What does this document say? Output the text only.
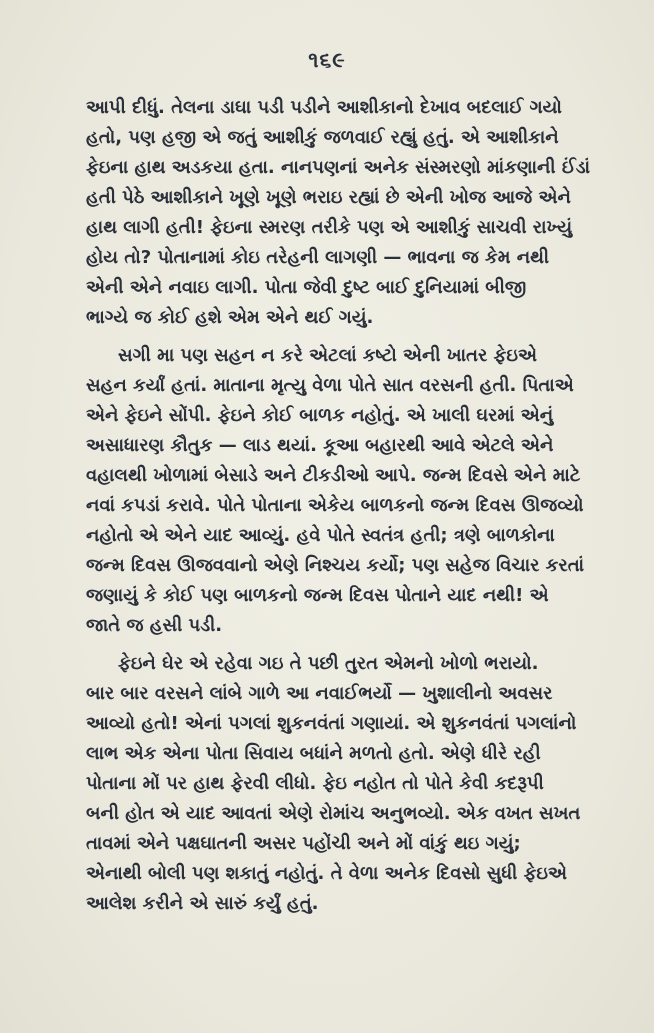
૧૬૯
આપી દીધું. તેલના ડાઘા પડી પડીને આશીકાનો દેખાવ બદલાઈ ગયો
હતો, પણ હજી એ જતું આશીકું જળવાઈ રહ્યું હતું. એ આશીકાને
ફેઇના હાથ અડકયા હતા. નાનપણનાં અનેક સંસ્મરણો માંકણાની ઈંડાં
હતી પેઠે આશીકાને ખૂણે ખૂણે ભરાઇ રહ્યાં છે એની ખોજ આજે એને
હાથ લાગી હતી! ફેઇના સ્મરણ તરીકે પણ એ આશીકું સાચવી રાખ્યું
હોય તો? પોતાનામાં કોઇ તરેહની લાગણી — ભાવના જ કેમ નથી
એની એને નવાઇ લાગી. પોતા જેવી દુષ્ટ બાઈ દુનિયામાં બીજી
ભાગ્યે જ કોઈ હશે એમ એને થઈ ગયું.
સગી મા પણ સહન ન કરે એટલાં કષ્ટો એની ખાતર ફેઇએ
સહન કર્યાં હતાં. માતાના મૃત્યુ વેળા પોતે સાત વરસની હતી. પિતાએ
એને ફેઇને સોંપી. ફેઇને કોઈ બાળક નહોતું. એ ખાલી ઘરમાં એનું
અસાધારણ કૌતુક — લાડ થયાં. કૂઆ બહારથી આવે એટલે એને
વહાલથી ખોળામાં બેસાડે અને ટીકડીઓ આપે. જન્મ દિવસે એને માટે
નવાં કપડાં કરાવે. પોતે પોતાના એકેય બાળકનો જન્મ દિવસ ઊજવ્યો
નહોતો એ એને યાદ આવ્યું. હવે પોતે સ્વતંત્ર હતી; ત્રણે બાળકોના
જન્મ દિવસ ઊજવવાનો એણે નિશ્ચય કર્યો; પણ સહેજ વિચાર કરતાં
જણાયું કે કોઈ પણ બાળકનો જન્મ દિવસ પોતાને યાદ નથી! એ
જાતે જ હસી પડી.
ફેઇને ઘેર એ રહેવા ગઇ તે પછી તુરત એમનો ખોળો ભરાયો.
બાર બાર વરસને લાંબે ગાળે આ નવાઈભર્યો — ખુશાલીનો અવસર
આવ્યો હતો! એનાં પગલાં શુકનવંતાં ગણાયાં. એ શુકનવંતાં પગલાંનો
લાભ એક એના પોતા સિવાય બધાંને મળતો હતો. એણે ધીરે રહી
પોતાના મોં પર હાથ ફેરવી લીધો. ફેઇ નહોત તો પોતે કેવી કદરૂપી
બની હોત એ યાદ આવતાં એણે રોમાંચ અનુભવ્યો. એક વખત સખત
તાવમાં એને પક્ષઘાતની અસર પહોંચી અને મોં વાંકું થઇ ગયું;
એનાથી બોલી પણ શકાતું નહોતું. તે વેળા અનેક દિવસો સુધી ફેઇએ
આલેશ કરીને એ સારું કર્યું હતું.
